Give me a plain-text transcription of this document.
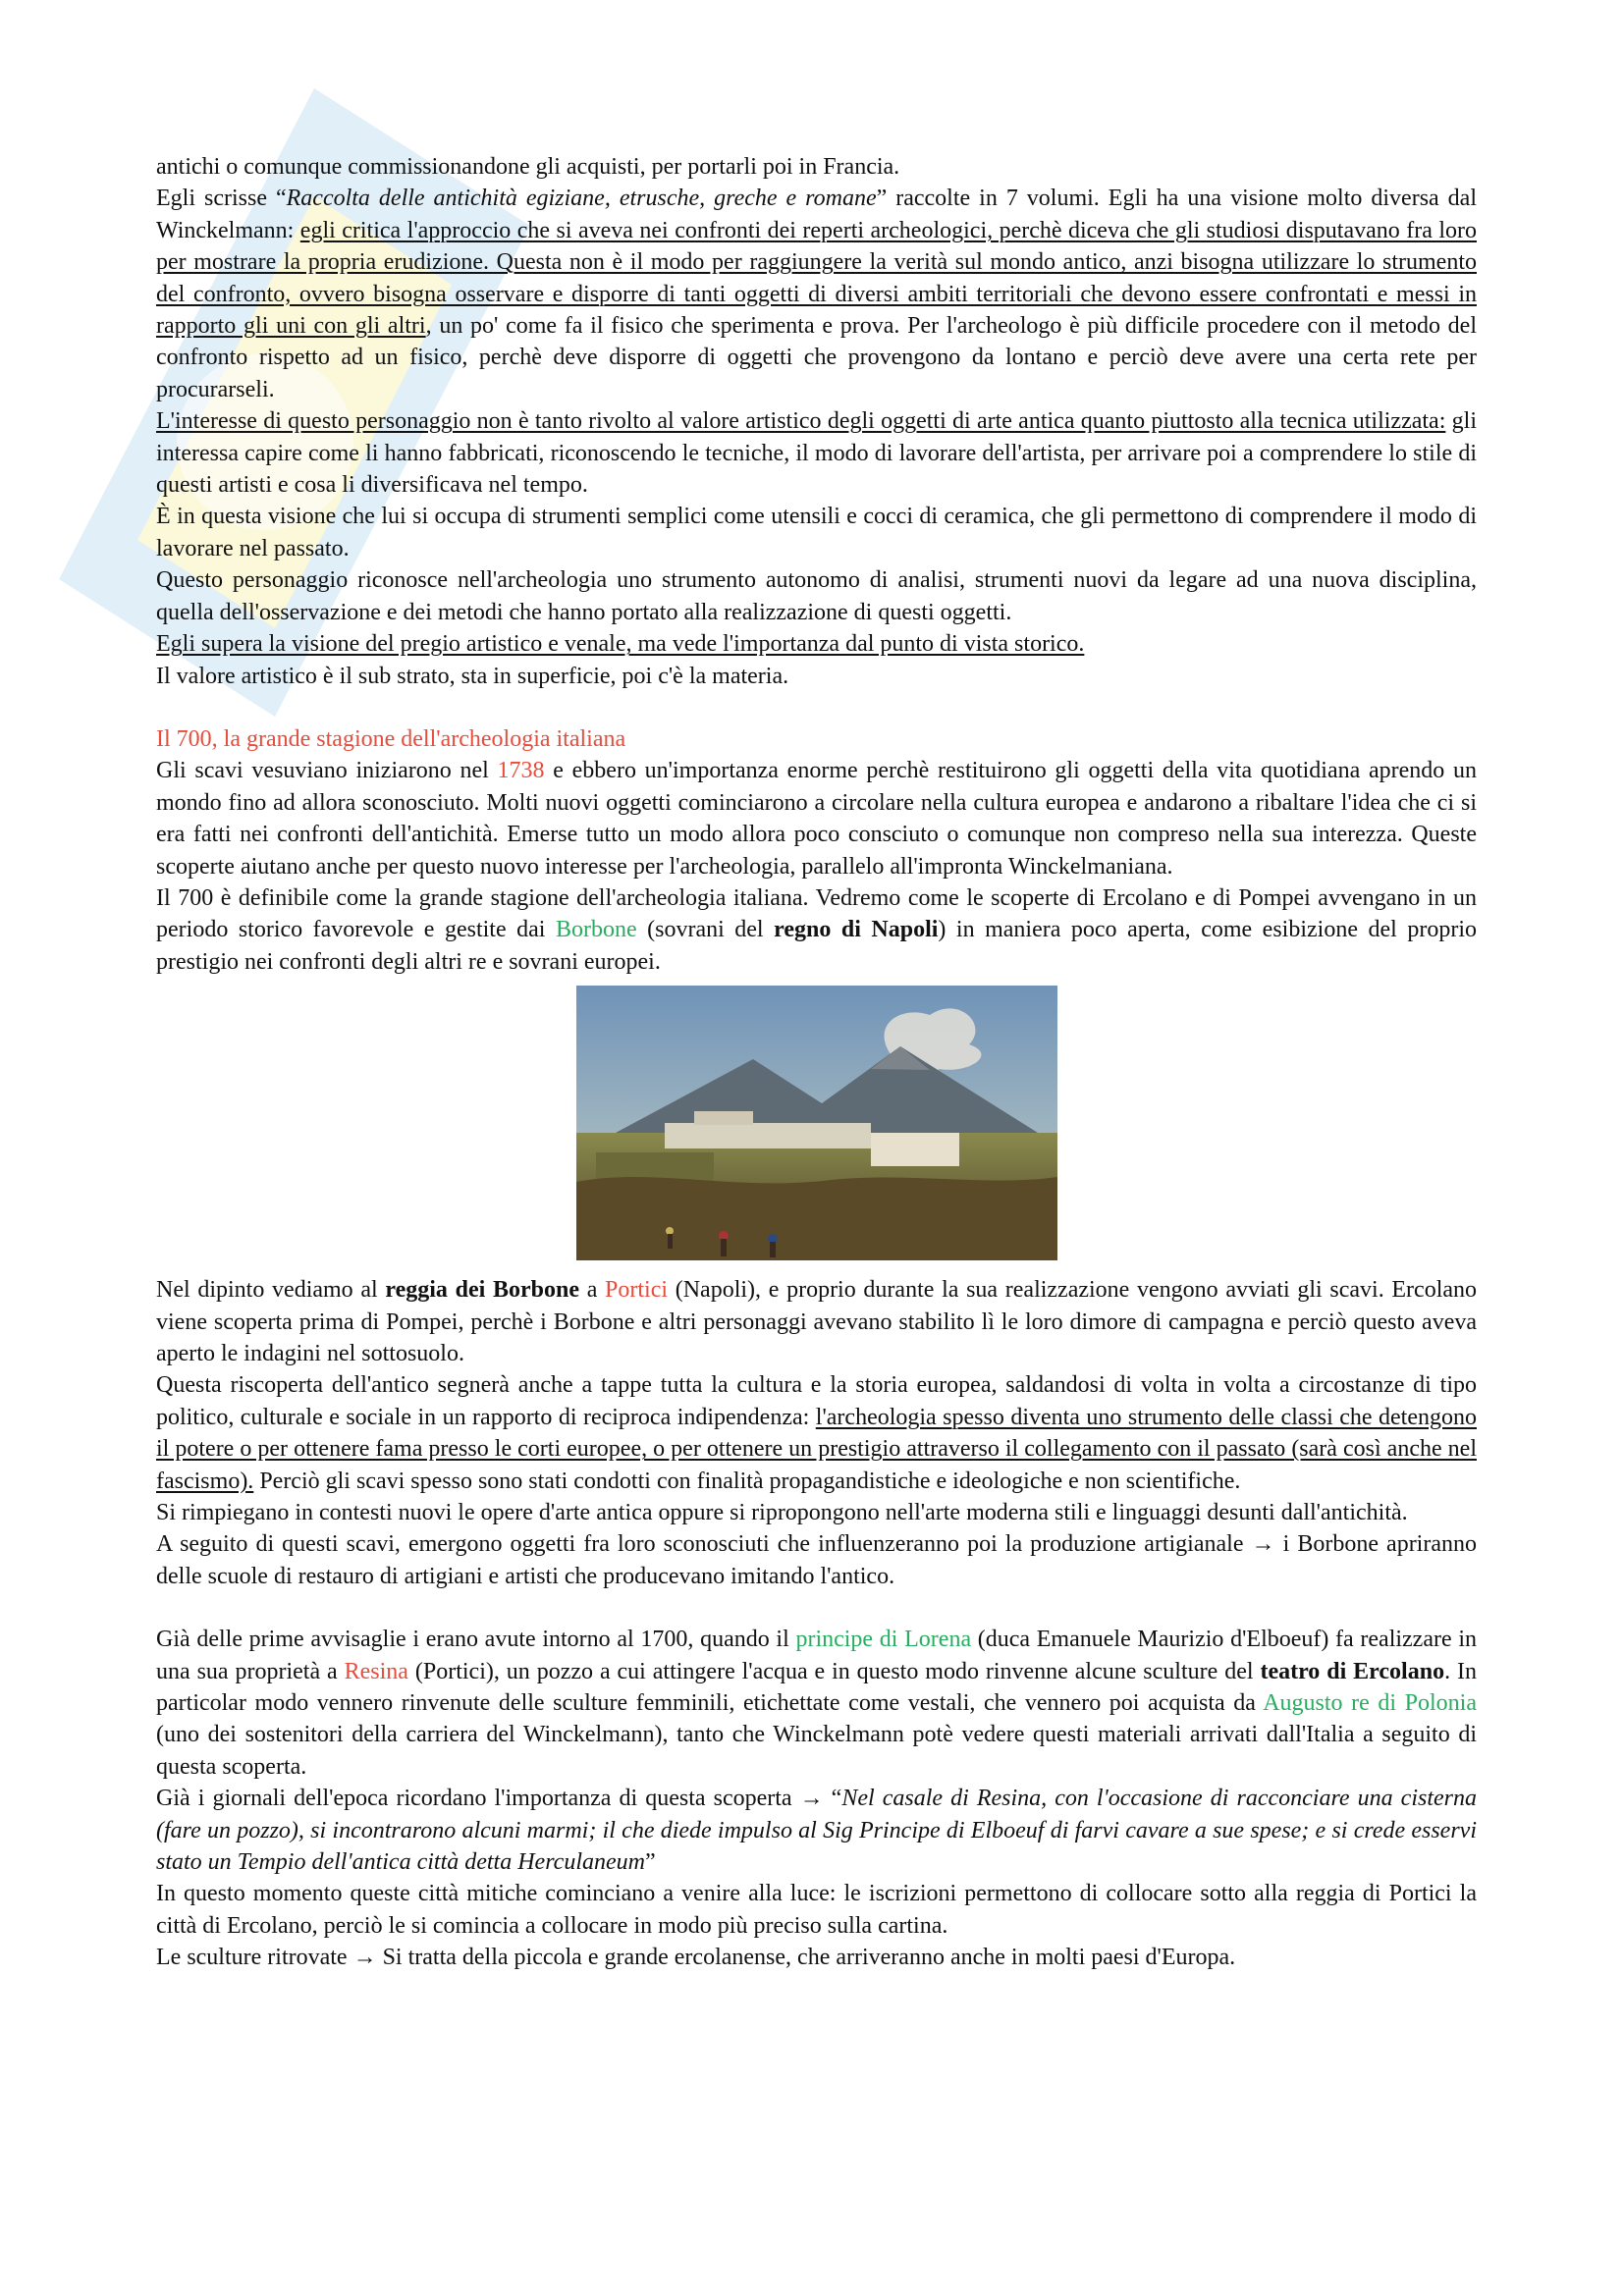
antichi o comunque commissionandone gli acquisti, per portarli poi in Francia.

Egli scrisse “Raccolta delle antichità egiziane, etrusche, greche e romane” raccolte in 7 volumi. Egli ha una visione molto diversa dal Winckelmann: egli critica l'approccio che si aveva nei confronti dei reperti archeologici, perchè diceva che gli studiosi disputavano fra loro per mostrare la propria erudizione. Questa non è il modo per raggiungere la verità sul mondo antico, anzi bisogna utilizzare lo strumento del confronto, ovvero bisogna osservare e disporre di tanti oggetti di diversi ambiti territoriali che devono essere confrontati e messi in rapporto gli uni con gli altri, un po' come fa il fisico che sperimenta e prova. Per l'archeologo è più difficile procedere con il metodo del confronto rispetto ad un fisico, perchè deve disporre di oggetti che provengono da lontano e perciò deve avere una certa rete per procurarseli.

L'interesse di questo personaggio non è tanto rivolto al valore artistico degli oggetti di arte antica quanto piuttosto alla tecnica utilizzata: gli interessa capire come li hanno fabbricati, riconoscendo le tecniche, il modo di lavorare dell'artista, per arrivare poi a comprendere lo stile di questi artisti e cosa li diversificava nel tempo.

È in questa visione che lui si occupa di strumenti semplici come utensili e cocci di ceramica, che gli permettono di comprendere il modo di lavorare nel passato.

Questo personaggio riconosce nell'archeologia uno strumento autonomo di analisi, strumenti nuovi da legare ad una nuova disciplina, quella dell'osservazione e dei metodi che hanno portato alla realizzazione di questi oggetti.

Egli supera la visione del pregio artistico e venale, ma vede l'importanza dal punto di vista storico.

Il valore artistico è il sub strato, sta in superficie, poi c'è la materia.

Il 700, la grande stagione dell'archeologia italiana

Gli scavi vesuviano iniziarono nel 1738 e ebbero un'importanza enorme perchè restituirono gli oggetti della vita quotidiana aprendo un mondo fino ad allora sconosciuto. Molti nuovi oggetti cominciarono a circolare nella cultura europea e andarono a ribaltare l'idea che ci si era fatti nei confronti dell'antichità. Emerse tutto un modo allora poco consciuto o comunque non compreso nella sua interezza. Queste scoperte aiutano anche per questo nuovo interesse per l'archeologia, parallelo all'impronta Winckelmaniana.

Il 700 è definibile come la grande stagione dell'archeologia italiana. Vedremo come le scoperte di Ercolano e di Pompei avvengano in un periodo storico favorevole e gestite dai Borbone (sovrani del regno di Napoli) in maniera poco aperta, come esibizione del proprio prestigio nei confronti degli altri re e sovrani europei.

Nel dipinto vediamo al reggia dei Borbone a Portici (Napoli), e proprio durante la sua realizzazione vengono avviati gli scavi. Ercolano viene scoperta prima di Pompei, perchè i Borbone e altri personaggi avevano stabilito lì le loro dimore di campagna e perciò questo aveva aperto le indagini nel sottosuolo.

Questa riscoperta dell'antico segnerà anche a tappe tutta la cultura e la storia europea, saldandosi di volta in volta a circostanze di tipo politico, culturale e sociale in un rapporto di reciproca indipendenza: l'archeologia spesso diventa uno strumento delle classi che detengono il potere o per ottenere fama presso le corti europee, o per ottenere un prestigio attraverso il collegamento con il passato (sarà così anche nel fascismo). Perciò gli scavi spesso sono stati condotti con finalità propagandistiche e ideologiche e non scientifiche.

Si rimpiegano in contesti nuovi le opere d'arte antica oppure si ripropongono nell'arte moderna stili e linguaggi desunti dall'antichità.

A seguito di questi scavi, emergono oggetti fra loro sconosciuti che influenzeranno poi la produzione artigianale → i Borbone apriranno delle scuole di restauro di artigiani e artisti che producevano imitando l'antico.

Già delle prime avvisaglie i erano avute intorno al 1700, quando il principe di Lorena (duca Emanuele Maurizio d'Elboeuf) fa realizzare in una sua proprietà a Resina (Portici), un pozzo a cui attingere l'acqua e in questo modo rinvenne alcune sculture del teatro di Ercolano. In particolar modo vennero rinvenute delle sculture femminili, etichettate come vestali, che vennero poi acquista da Augusto re di Polonia (uno dei sostenitori della carriera del Winckelmann), tanto che Winckelmann potè vedere questi materiali arrivati dall'Italia a seguito di questa scoperta.

Già i giornali dell'epoca ricordano l'importanza di questa scoperta → “Nel casale di Resina, con l'occasione di racconciare una cisterna (fare un pozzo), si incontrarono alcuni marmi; il che diede impulso al Sig Principe di Elboeuf di farvi cavare a sue spese; e si crede esservi stato un Tempio dell'antica città detta Herculaneum”

In questo momento queste città mitiche cominciano a venire alla luce: le iscrizioni permettono di collocare sotto alla reggia di Portici la città di Ercolano, perciò le si comincia a collocare in modo più preciso sulla cartina.

Le sculture ritrovate → Si tratta della piccola e grande ercolanense, che arriveranno anche in molti paesi d'Europa.
